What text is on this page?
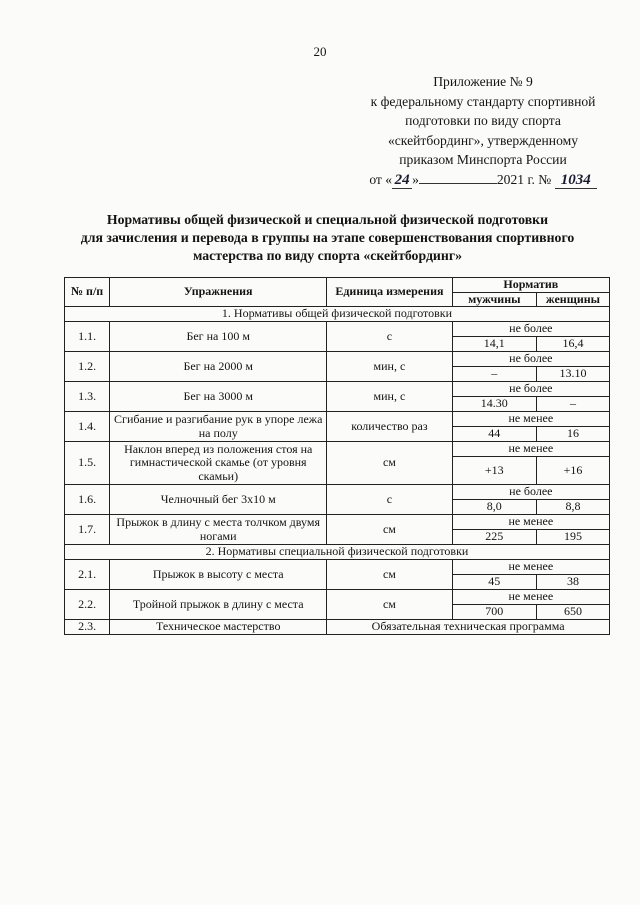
20
Приложение № 9
к федеральному стандарту спортивной
подготовки по виду спорта
«скейтбординг», утвержденному
приказом Минспорта России
от « 24 »	2021 г. № 1034
Нормативы общей физической и специальной физической подготовки
для зачисления и перевода в группы на этапе совершенствования спортивного
мастерства по виду спорта «скейтбординг»
№ п/п	Упражнения	Единица измерения	Норматив	
			мужчины	женщины
1. Нормативы общей физической подготовки				
1.1.	Бег на 100 м	с	не более	
			14,1	16,4
1.2.	Бег на 2000 м	мин, с	не более	
			–	13.10
1.3.	Бег на 3000 м	мин, с	не более	
			14.30	–
1.4.	Сгибание и разгибание рук в упоре лежа на полу	количество раз	не менее	
			44	16
1.5.	Наклон вперед из положения стоя на гимнастической скамье (от уровня скамьи)	см	не менее	
			+13	+16
1.6.	Челночный бег 3х10 м	с	не более	
			8,0	8,8
1.7.	Прыжок в длину с места толчком двумя ногами	см	не менее	
			225	195
2. Нормативы специальной физической подготовки				
2.1.	Прыжок в высоту с места	см	не менее	
			45	38
2.2.	Тройной прыжок в длину с места	см	не менее	
			700	650
2.3.	Техническое мастерство	Обязательная техническая программа		
